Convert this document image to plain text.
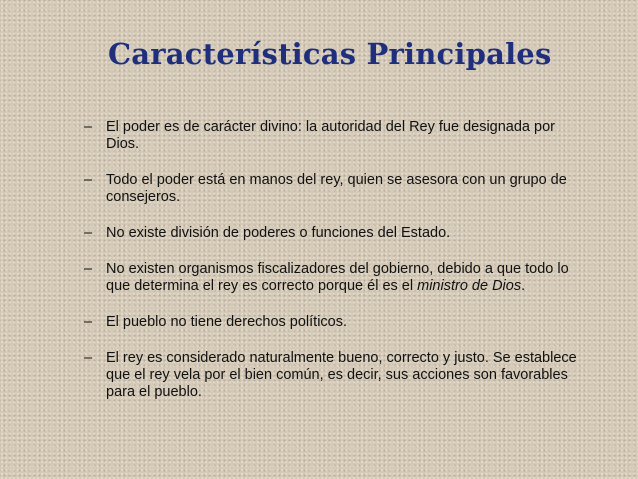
Características Principales
– El poder es de carácter divino: la autoridad del Rey fue designada por Dios.
– Todo el poder está en manos del rey, quien se asesora con un grupo de consejeros.
– No existe división de poderes o funciones del Estado.
– No existen organismos fiscalizadores del gobierno, debido a que todo lo que determina el rey es correcto porque él es el ministro de Dios.
– El pueblo no tiene derechos políticos.
– El rey es considerado naturalmente bueno, correcto y justo. Se establece que el rey vela por el bien común, es decir, sus acciones son favorables para el pueblo.
